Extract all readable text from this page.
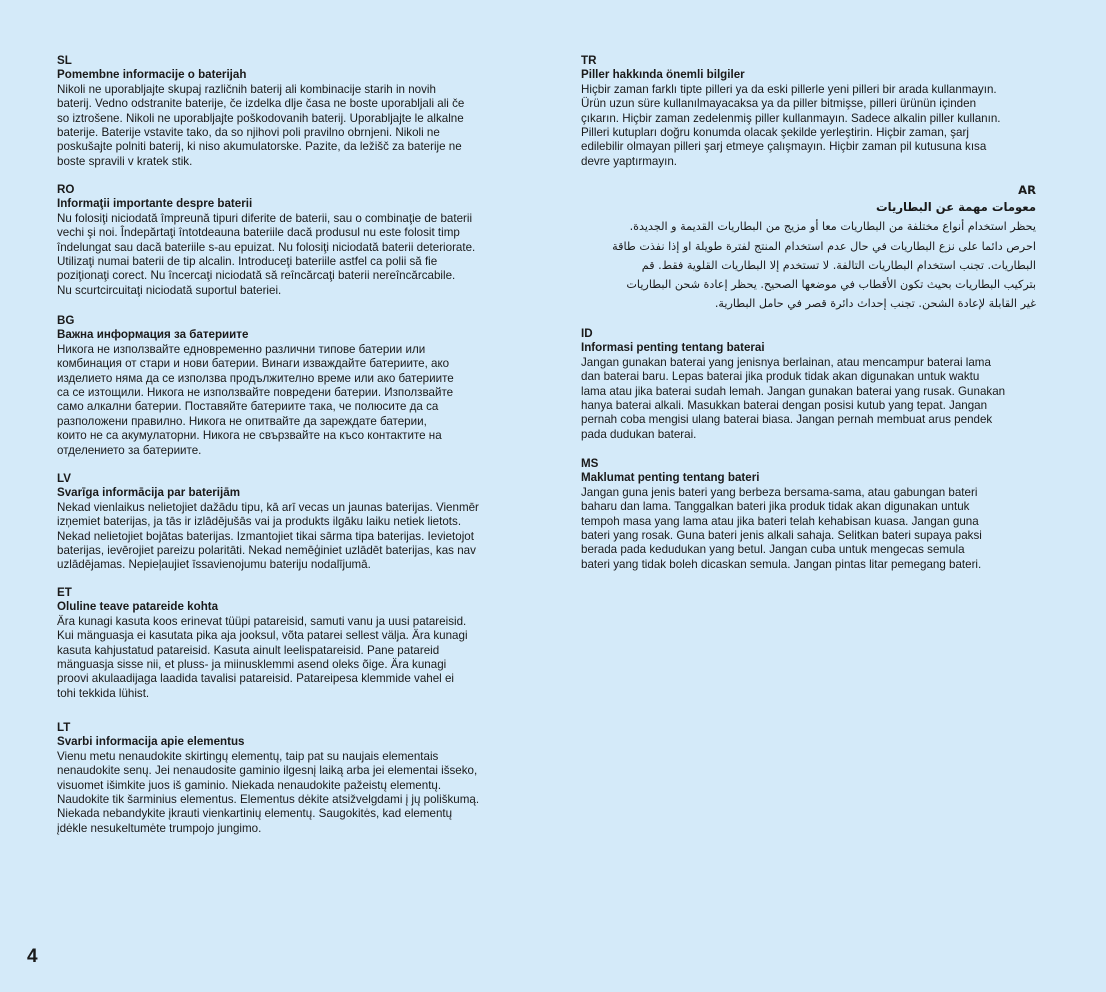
SL
Pomembne informacije o baterijah
Nikoli ne uporabljajte skupaj različnih baterij ali kombinacije starih in novih
baterij. Vedno odstranite baterije, če izdelka dlje časa ne boste uporabljali ali če
so iztrošene. Nikoli ne uporabljajte poškodovanih baterij. Uporabljajte le alkalne
baterije. Baterije vstavite tako, da so njihovi poli pravilno obrnjeni. Nikoli ne
poskušajte polniti baterij, ki niso akumulatorske. Pazite, da ležišč za baterije ne
boste spravili v kratek stik.
RO
Informaţii importante despre baterii
Nu folosiţi niciodată împreună tipuri diferite de baterii, sau o combinaţie de baterii
vechi şi noi. Îndepărtaţi întotdeauna bateriile dacă produsul nu este folosit timp
îndelungat sau dacă bateriile s-au epuizat. Nu folosiţi niciodată baterii deteriorate.
Utilizaţi numai baterii de tip alcalin. Introduceţi bateriile astfel ca polii să fie
poziţionaţi corect. Nu încercaţi niciodată să reîncărcaţi baterii nereîncărcabile.
Nu scurtcircuitaţi niciodată suportul bateriei.
BG
Важна информация за батериите
Никога не използвайте едновременно различни типове батерии или
комбинация от стари и нови батерии. Винаги изваждайте батериите, ако
изделието няма да се използва продължително време или ако батериите
са се изтощили. Никога не използвайте повредени батерии. Използвайте
само алкални батерии. Поставяйте батериите така, че полюсите да са
разположени правилно. Никога не опитвайте да зареждате батерии,
които не са акумулаторни. Никога не свързвайте на късо контактите на
отделението за батериите.
LV
Svarīga informācija par baterijām
Nekad vienlaikus nelietojiet dažādu tipu, kā arī vecas un jaunas baterijas. Vienmēr
izņemiet baterijas, ja tās ir izlādējušās vai ja produkts ilgāku laiku netiek lietots.
Nekad nelietojiet bojātas baterijas. Izmantojiet tikai sārma tipa baterijas. Ievietojot
baterijas, ievērojiet pareizu polaritāti. Nekad nemēģiniet uzlādēt baterijas, kas nav
uzlādējamas. Nepieļaujiet īssavienojumu bateriju nodalījumā.
ET
Oluline teave patareide kohta
Ära kunagi kasuta koos erinevat tüüpi patareisid, samuti vanu ja uusi patareisid.
Kui mänguasja ei kasutata pika aja jooksul, võta patarei sellest välja. Ära kunagi
kasuta kahjustatud patareisid. Kasuta ainult leelispatareisid. Pane patareid
mänguasja sisse nii, et pluss- ja miinusklemmi asend oleks õige. Ära kunagi
proovi akulaadijaga laadida tavalisi patareisid. Patareipesa klemmide vahel ei
tohi tekkida lühist.
LT
Svarbi informacija apie elementus
Vienu metu nenaudokite skirtingų elementų, taip pat su naujais elementais
nenaudokite senų. Jei nenaudosite gaminio ilgesnį laiką arba jei elementai išseko,
visuomet išimkite juos iš gaminio. Niekada nenaudokite pažeistų elementų.
Naudokite tik šarminius elementus. Elementus dėkite atsižvelgdami į jų poliškumą.
Niekada nebandykite įkrauti vienkartinių elementų. Saugokitės, kad elementų
įdėkle nesukeltumėte trumpojo jungimo.
TR
Piller hakkında önemli bilgiler
Hiçbir zaman farklı tipte pilleri ya da eski pillerle yeni pilleri bir arada kullanmayın.
Ürün uzun süre kullanılmayacaksa ya da piller bitmişse, pilleri ürünün içinden
çıkarın. Hiçbir zaman zedelenmiş piller kullanmayın. Sadece alkalin piller kullanın.
Pilleri kutupları doğru konumda olacak şekilde yerleştirin. Hiçbir zaman, şarj
edilebilir olmayan pilleri şarj etmeye çalışmayın. Hiçbir zaman pil kutusuna kısa
devre yaptırmayın.
AR
معومات مهمة عن البطاريات
يحظر استخدام أنواع مختلفة من البطاريات معا أو مزيج من البطاريات القديمة و الجديدة.
احرص دائما على نزع البطاريات في حال عدم استخدام المنتج لفترة طويلة او إذا نفذت طاقة
البطاريات. تجنب استخدام البطاريات التالفة. لا تستخدم إلا البطاريات القلوية فقط. قم
بتركيب البطاريات بحيث تكون الأقطاب في موضعها الصحيح. يحظر إعادة شحن البطاريات
غير القابلة لإعادة الشحن. تجنب إحداث دائرة قصر في حامل البطارية.
ID
Informasi penting tentang baterai
Jangan gunakan baterai yang jenisnya berlainan, atau mencampur baterai lama
dan baterai baru. Lepas baterai jika produk tidak akan digunakan untuk waktu
lama atau jika baterai sudah lemah. Jangan gunakan baterai yang rusak. Gunakan
hanya baterai alkali. Masukkan baterai dengan posisi kutub yang tepat. Jangan
pernah coba mengisi ulang baterai biasa. Jangan pernah membuat arus pendek
pada dudukan baterai.
MS
Maklumat penting tentang bateri
Jangan guna jenis bateri yang berbeza bersama-sama, atau gabungan bateri
baharu dan lama. Tanggalkan bateri jika produk tidak akan digunakan untuk
tempoh masa yang lama atau jika bateri telah kehabisan kuasa. Jangan guna
bateri yang rosak. Guna bateri jenis alkali sahaja. Selitkan bateri supaya paksi
berada pada kedudukan yang betul. Jangan cuba untuk mengecas semula
bateri yang tidak boleh dicaskan semula. Jangan pintas litar pemegang bateri.
4
